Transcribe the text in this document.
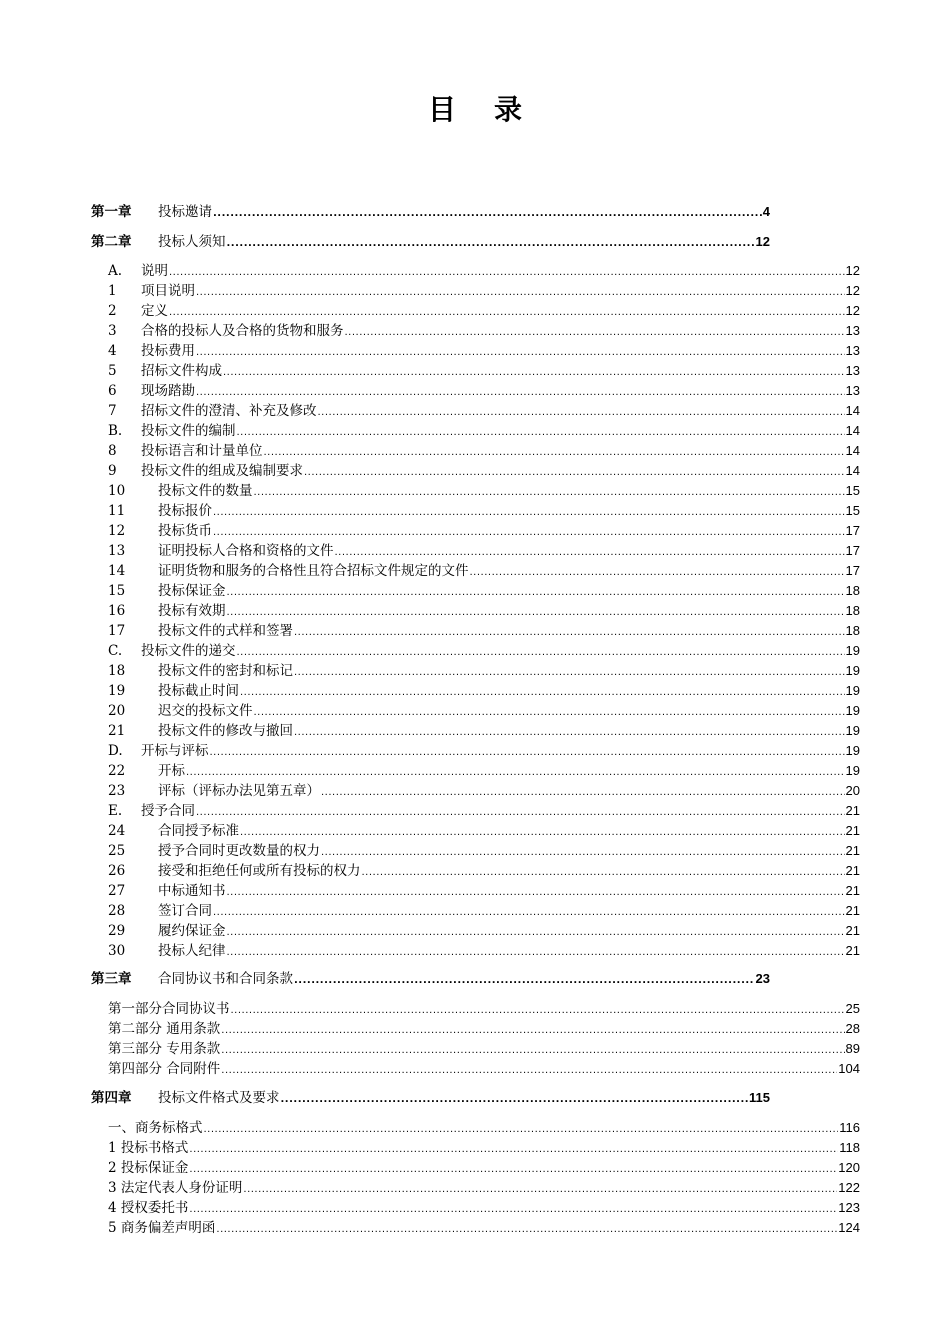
目 录
第一章	投标邀请 .....	4
第二章	投标人须知 .....	12
A.	说明 .....	12
1	项目说明 .....	12
2	定义 .....	12
3	合格的投标人及合格的货物和服务 .....	13
4	投标费用 .....	13
5	招标文件构成 .....	13
6	现场踏勘 .....	13
7	招标文件的澄清、补充及修改 .....	14
B.	投标文件的编制 .....	14
8	投标语言和计量单位 .....	14
9	投标文件的组成及编制要求 .....	14
10	投标文件的数量 .....	15
11	投标报价 .....	15
12	投标货币 .....	17
13	证明投标人合格和资格的文件 .....	17
14	证明货物和服务的合格性且符合招标文件规定的文件 .....	17
15	投标保证金 .....	18
16	投标有效期 .....	18
17	投标文件的式样和签署 .....	18
C.	投标文件的递交 .....	19
18	投标文件的密封和标记 .....	19
19	投标截止时间 .....	19
20	迟交的投标文件 .....	19
21	投标文件的修改与撤回 .....	19
D.	开标与评标 .....	19
22	开标 .....	19
23	评标（评标办法见第五章） .....	20
E.	授予合同 .....	21
24	合同授予标准 .....	21
25	授予合同时更改数量的权力 .....	21
26	接受和拒绝任何或所有投标的权力 .....	21
27	中标通知书 .....	21
28	签订合同 .....	21
29	履约保证金 .....	21
30	投标人纪律 .....	21
第三章	合同协议书和合同条款 .....	23
第一部分合同协议书 .....	25
第二部分 通用条款 .....	28
第三部分 专用条款 .....	89
第四部分 合同附件 .....	104
第四章	投标文件格式及要求 .....	115
一、商务标格式 .....	116
1 投标书格式 .....	118
2 投标保证金 .....	120
3 法定代表人身份证明 .....	122
4 授权委托书 .....	123
5 商务偏差声明函 .....	124
